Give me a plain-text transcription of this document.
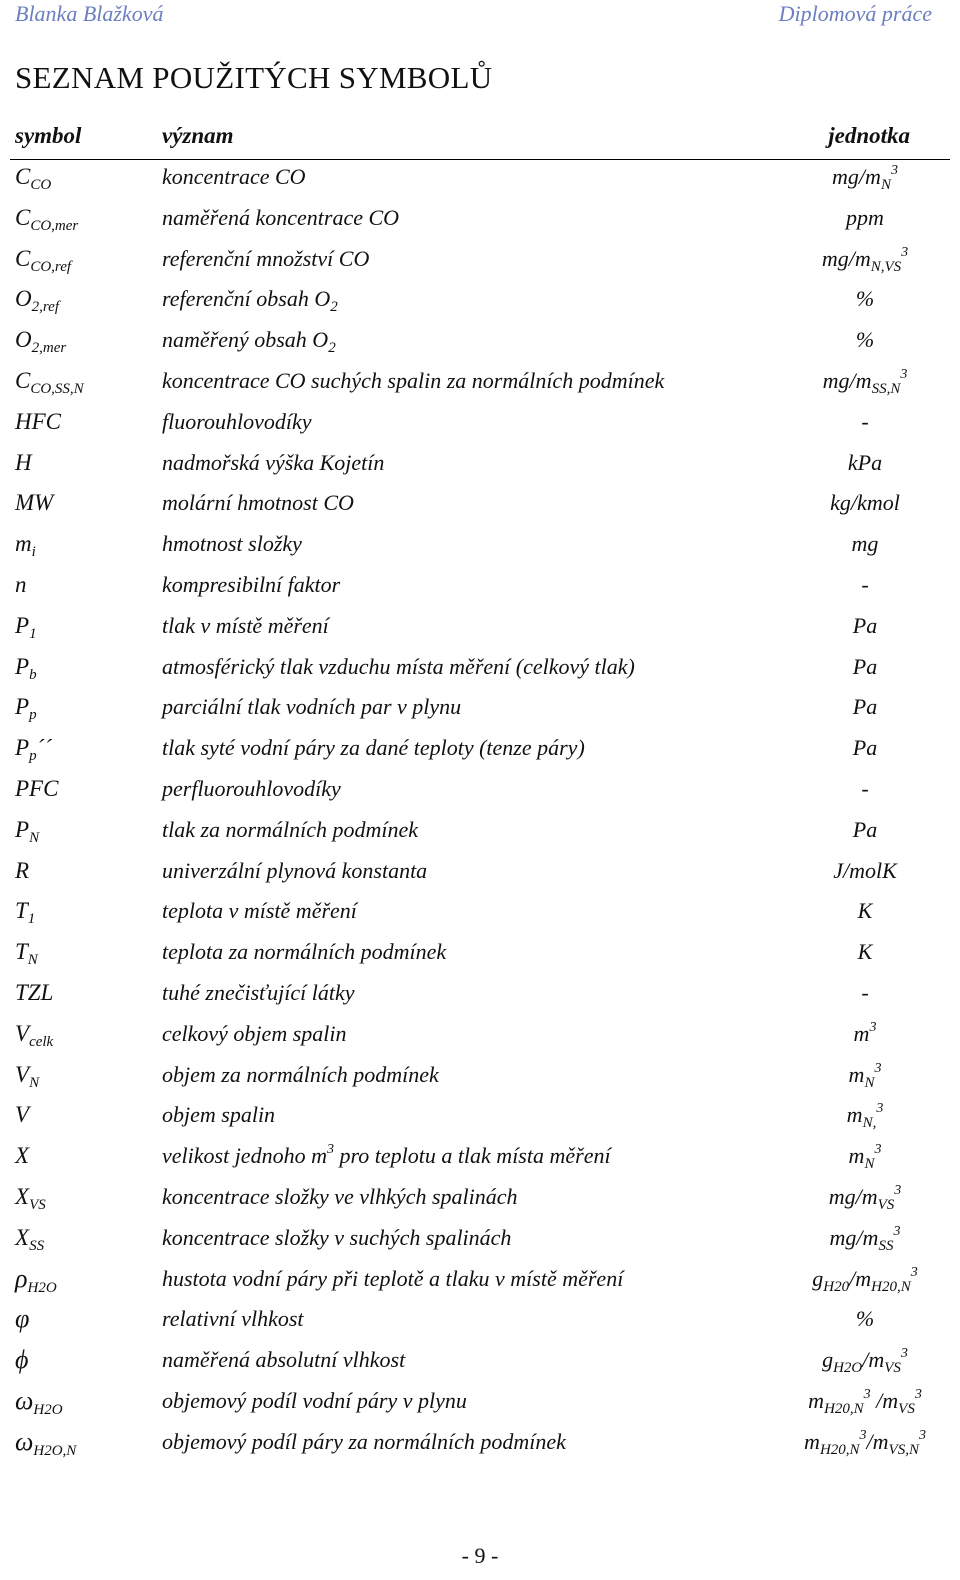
Blanka Blažková	Diplomová práce
SEZNAM POUŽITÝCH SYMBOLŮ
symbol	význam	jednotka
$C_{CO}$	koncentrace CO	$mg/m_N^3$
$C_{CO,mer}$	naměřená koncentrace CO	ppm
$C_{CO,ref}$	referenční množství CO	$mg/m_{N,VS}^3$
$O_{2,ref}$	referenční obsah $O_2$	%
$O_{2,mer}$	naměřený obsah $O_2$	%
$C_{CO,SS,N}$	koncentrace CO suchých spalin za normálních podmínek	$mg/m_{SS,N}^3$
HFC	fluorouhlovodíky	-
H	nadmořská výška Kojetín	kPa
MW	molární hmotnost CO	kg/kmol
$m_i$	hmotnost složky	mg
n	kompresibilní faktor	-
$P_1$	tlak v místě měření	Pa
$P_b$	atmosférický tlak vzduchu místa měření (celkový tlak)	Pa
$P_p$	parciální tlak vodních par v plynu	Pa
$P_p´´$	tlak syté vodní páry za dané teploty (tenze páry)	Pa
PFC	perfluorouhlovodíky	-
$P_N$	tlak za normálních podmínek	Pa
R	univerzální plynová konstanta	J/molK
$T_1$	teplota v místě měření	K
$T_N$	teplota za normálních podmínek	K
TZL	tuhé znečisťující látky	-
$V_{celk}$	celkový objem spalin	$m^3$
$V_N$	objem za normálních podmínek	$m_N^3$
V	objem spalin	$m_{N,}^3$
X	velikost jednoho $m^3$ pro teplotu a tlak místa měření	$m_N^3$
$X_{VS}$	koncentrace složky ve vlhkých spalinách	$mg/m_{VS}^3$
$X_{SS}$	koncentrace složky v suchých spalinách	$mg/m_{SS}^3$
$\rho_{H2O}$	hustota vodní páry při teplotě a tlaku v místě měření	$g_{H20}/m_{H20,N}^3$
φ	relativní vlhkost	%
ϕ	naměřená absolutní vlhkost	$g_{H2O}/m_{VS}^3$
$\omega_{H2O}$	objemový podíl vodní páry v plynu	$m_{H20,N}^3$ $/m_{VS}^3$
$\omega_{H2O,N}$	objemový podíl páry za normálních podmínek	$m_{H20,N}^3/m_{VS,N}^3$
- 9 -
